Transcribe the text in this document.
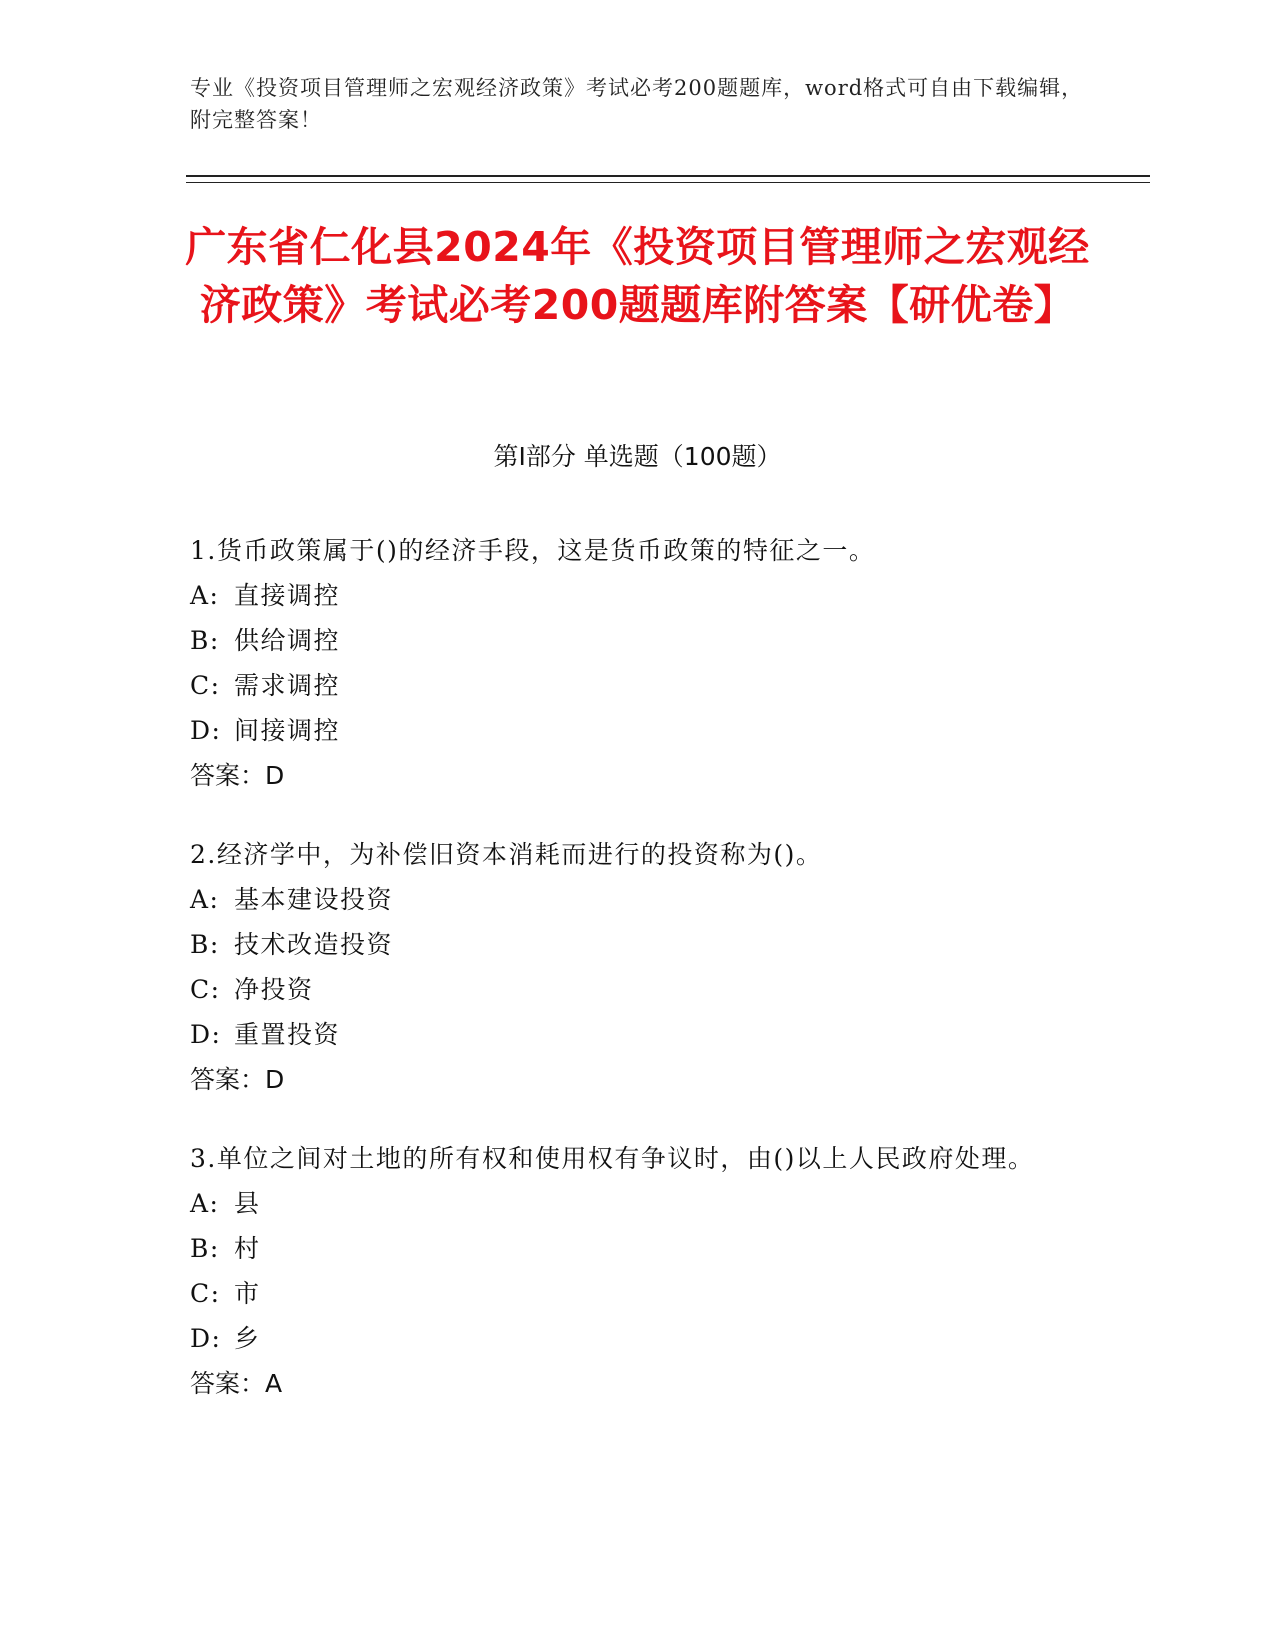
专业《投资项目管理师之宏观经济政策》考试必考200题题库，word格式可自由下载编辑，附完整答案！
广东省仁化县2024年《投资项目管理师之宏观经济政策》考试必考200题题库附答案【研优卷】
第I部分 单选题（100题）
1.货币政策属于()的经济手段，这是货币政策的特征之一。
A: 直接调控
B: 供给调控
C: 需求调控
D: 间接调控
答案：D
2.经济学中，为补偿旧资本消耗而进行的投资称为()。
A: 基本建设投资
B: 技术改造投资
C: 净投资
D: 重置投资
答案：D
3.单位之间对土地的所有权和使用权有争议时，由()以上人民政府处理。
A: 县
B: 村
C: 市
D: 乡
答案：A
